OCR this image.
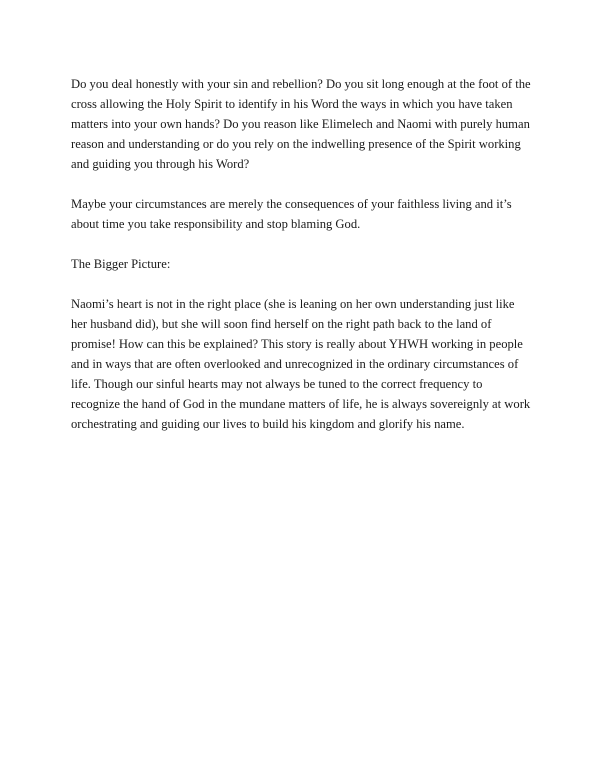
Do you deal honestly with your sin and rebellion? Do you sit long enough at the foot of the cross allowing the Holy Spirit to identify in his Word the ways in which you have taken matters into your own hands? Do you reason like Elimelech and Naomi with purely human reason and understanding or do you rely on the indwelling presence of the Spirit working and guiding you through his Word?

Maybe your circumstances are merely the consequences of your faithless living and it’s about time you take responsibility and stop blaming God.

The Bigger Picture:

Naomi’s heart is not in the right place (she is leaning on her own understanding just like her husband did), but she will soon find herself on the right path back to the land of promise! How can this be explained? This story is really about YHWH working in people and in ways that are often overlooked and unrecognized in the ordinary circumstances of life. Though our sinful hearts may not always be tuned to the correct frequency to recognize the hand of God in the mundane matters of life, he is always sovereignly at work orchestrating and guiding our lives to build his kingdom and glorify his name.
